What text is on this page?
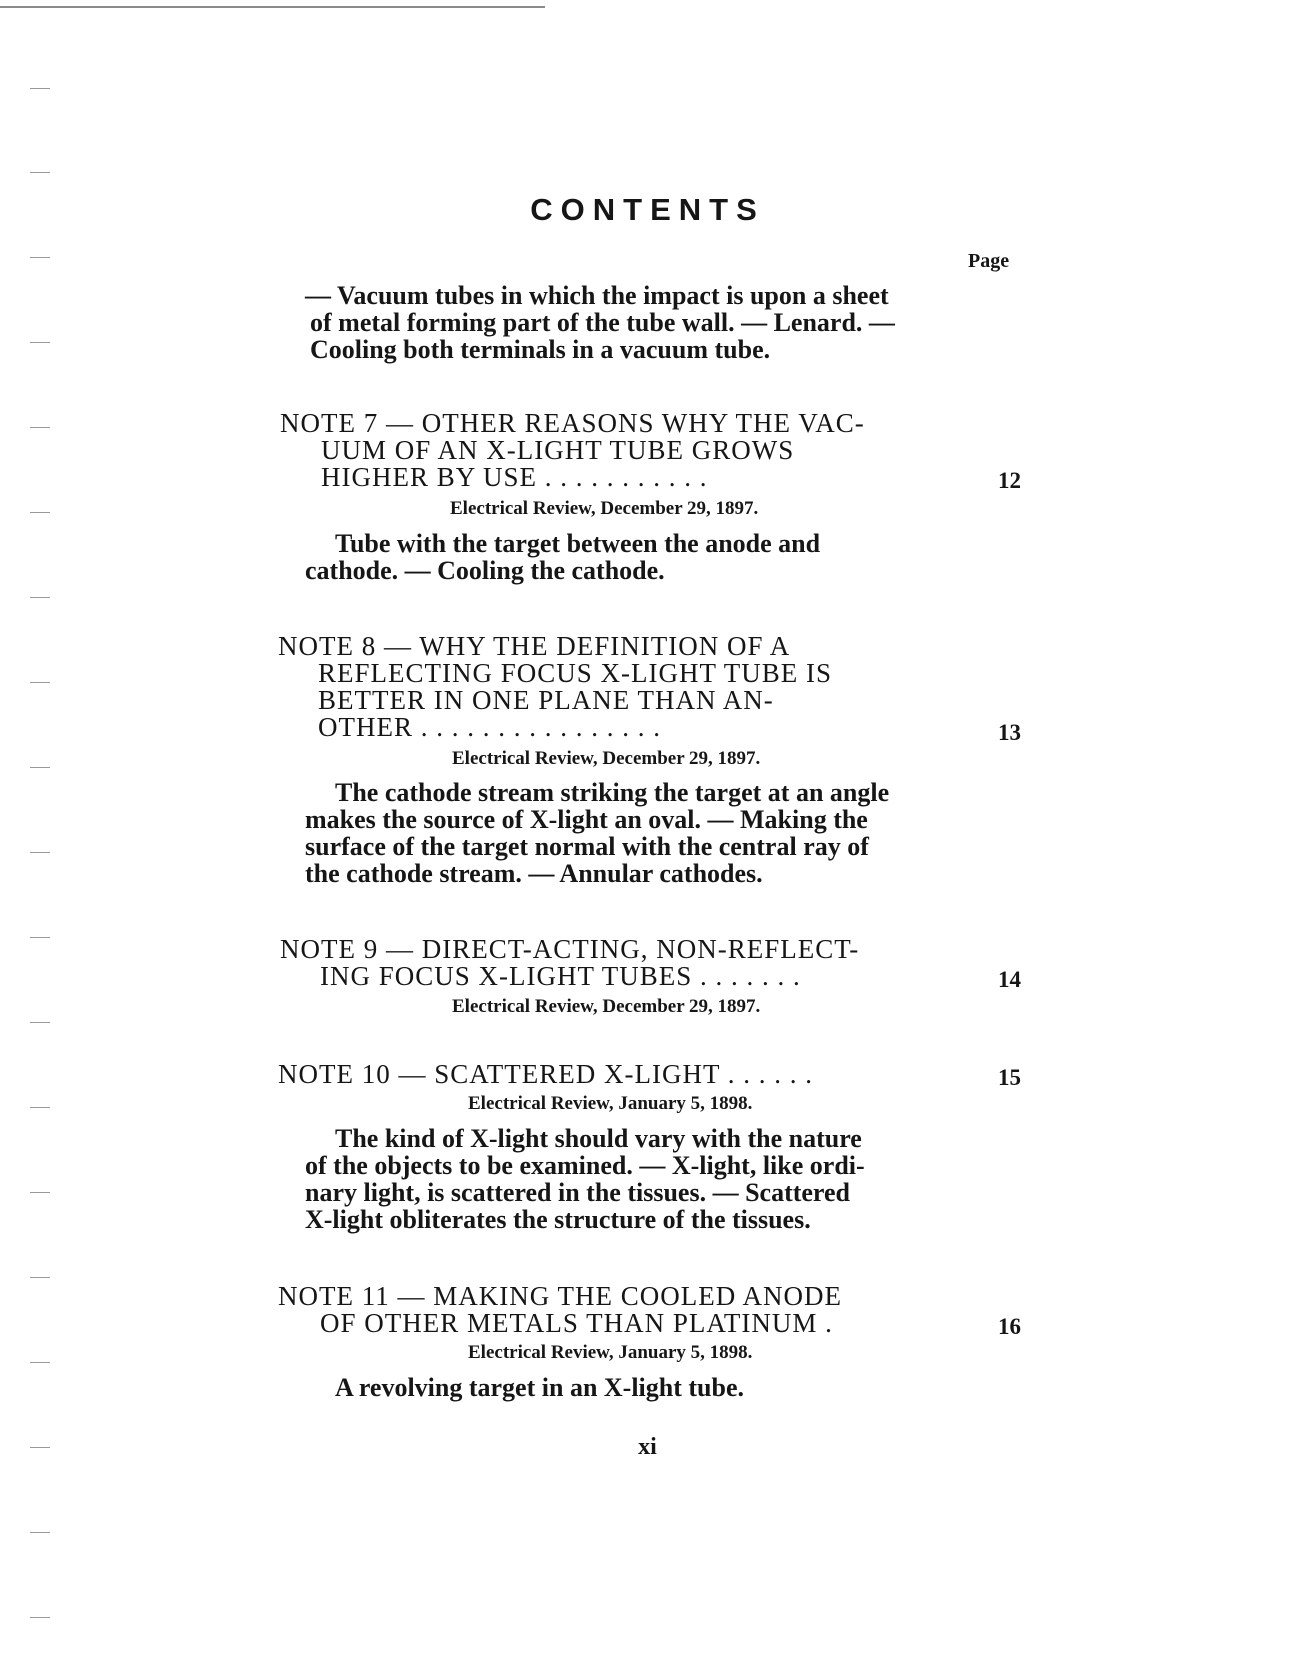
CONTENTS
Page
— Vacuum tubes in which the impact is upon a sheet
of metal forming part of the tube wall. — Lenard. —
Cooling both terminals in a vacuum tube.
NOTE 7 — OTHER REASONS WHY THE VAC-
UUM OF AN X-LIGHT TUBE GROWS
HIGHER BY USE . . . . . . . . . . .	12
Electrical Review, December 29, 1897.
Tube with the target between the anode and
cathode. — Cooling the cathode.
NOTE 8 — WHY THE DEFINITION OF A
REFLECTING FOCUS X-LIGHT TUBE IS
BETTER IN ONE PLANE THAN AN-
OTHER . . . . . . . . . . . . . . . .	13
Electrical Review, December 29, 1897.
The cathode stream striking the target at an angle
makes the source of X-light an oval. — Making the
surface of the target normal with the central ray of
the cathode stream. — Annular cathodes.
NOTE 9 — DIRECT-ACTING, NON-REFLECT-
ING FOCUS X-LIGHT TUBES . . . . . . .	14
Electrical Review, December 29, 1897.
NOTE 10 — SCATTERED X-LIGHT . . . . . .	15
Electrical Review, January 5, 1898.
The kind of X-light should vary with the nature
of the objects to be examined. — X-light, like ordi-
nary light, is scattered in the tissues. — Scattered
X-light obliterates the structure of the tissues.
NOTE 11 — MAKING THE COOLED ANODE
OF OTHER METALS THAN PLATINUM .	16
Electrical Review, January 5, 1898.
A revolving target in an X-light tube.
xi
